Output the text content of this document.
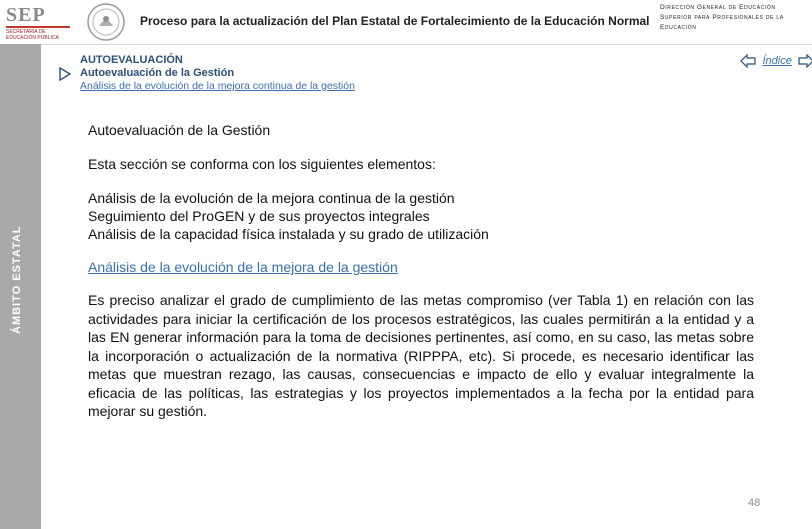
SEP
SECRETARÍA DE EDUCACIÓN PÚBLICA
Proceso para la actualización del Plan Estatal de Fortalecimiento de la Educación Normal
Dirección General de Educación Superior para Profesionales de la Educación
ÁMBITO ESTATAL
AUTOEVALUACIÓN
Autoevaluación de la Gestión
Análisis de la evolución de la mejora continua de la gestión
Índice
Autoevaluación de la Gestión

Esta sección se conforma con los siguientes elementos:

Análisis de la evolución de la mejora continua de la gestión

Seguimiento del ProGEN y de sus proyectos integrales

Análisis de la capacidad física instalada y su grado de utilización

Análisis de la evolución de la mejora de la gestión

Es preciso analizar el grado de cumplimiento de las metas compromiso (ver Tabla 1) en relación con las actividades para iniciar la certificación de los procesos estratégicos, las cuales permitirán a la entidad y a las EN generar información para la toma de decisiones pertinentes, así como, en su caso, las metas sobre la incorporación o actualización de la normativa (RIPPPA, etc). Si procede, es necesario identificar las metas que muestran rezago, las causas, consecuencias e impacto de ello y evaluar integralmente la eficacia de las políticas, las estrategias y los proyectos implementados a la fecha por la entidad para mejorar su gestión.

48
